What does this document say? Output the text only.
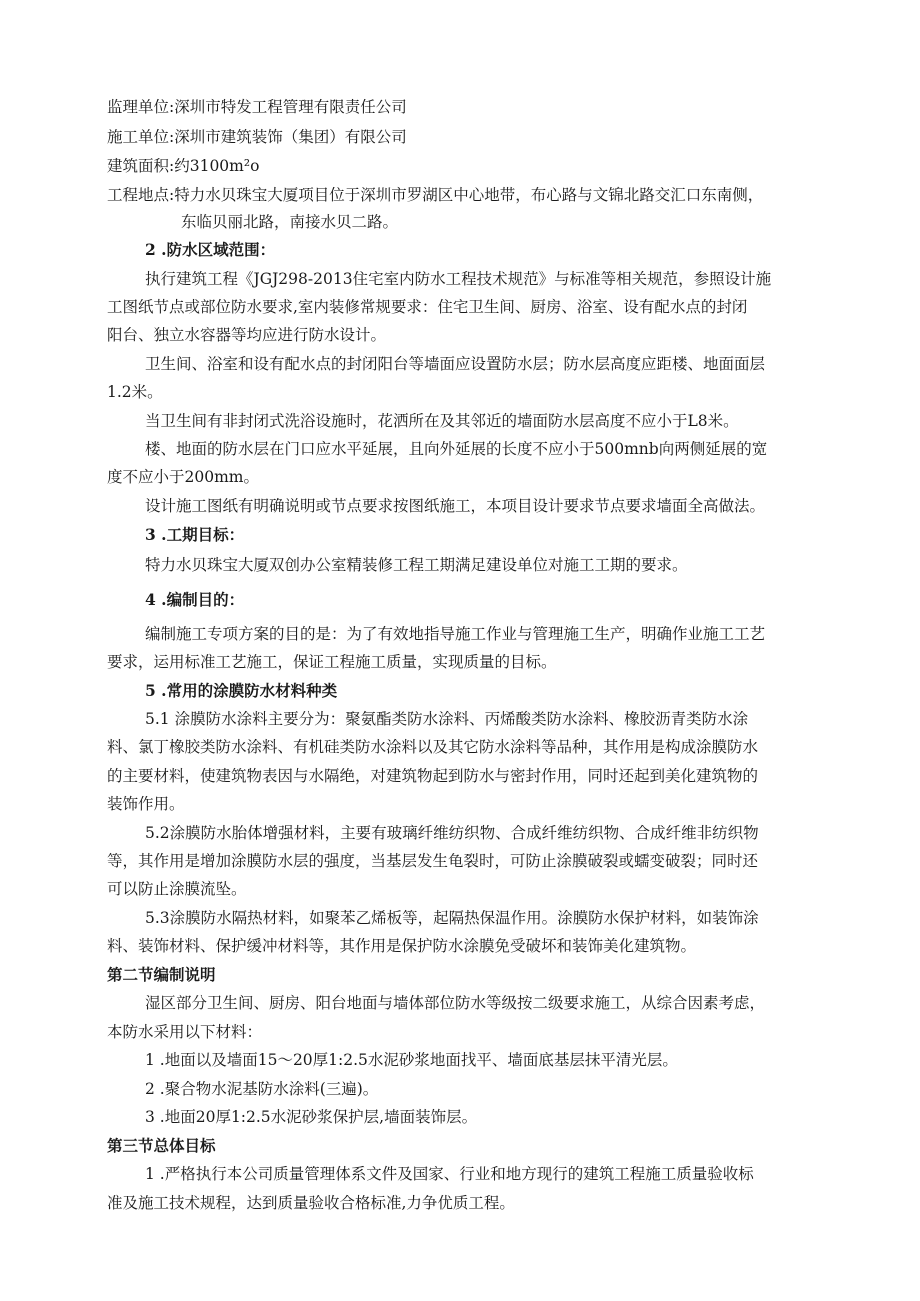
监理单位:深圳市特发工程管理有限责任公司

施工单位:深圳市建筑装饰（集团）有限公司

建筑面积:约3100m²o

工程地点:特力水贝珠宝大厦项目位于深圳市罗湖区中心地带，布心路与文锦北路交汇口东南侧，

东临贝丽北路，南接水贝二路。

2 .防水区域范围：

执行建筑工程《JGJ298-2013住宅室内防水工程技术规范》与标准等相关规范，参照设计施

工图纸节点或部位防水要求,室内装修常规要求：住宅卫生间、厨房、浴室、设有配水点的封闭

阳台、独立水容器等均应进行防水设计。

卫生间、浴室和设有配水点的封闭阳台等墙面应设置防水层；防水层高度应距楼、地面面层

1.2米。

当卫生间有非封闭式洗浴设施时，花洒所在及其邻近的墙面防水层高度不应小于L8米。

楼、地面的防水层在门口应水平延展，且向外延展的长度不应小于500mnb向两侧延展的宽

度不应小于200mm。

设计施工图纸有明确说明或节点要求按图纸施工，本项目设计要求节点要求墙面全高做法。

3 .工期目标：

特力水贝珠宝大厦双创办公室精装修工程工期满足建设单位对施工工期的要求。

4 .编制目的：

编制施工专项方案的目的是：为了有效地指导施工作业与管理施工生产，明确作业施工工艺

要求，运用标准工艺施工，保证工程施工质量，实现质量的目标。

5 .常用的涂膜防水材料种类

5.1 涂膜防水涂料主要分为：聚氨酯类防水涂料、丙烯酸类防水涂料、橡胶沥青类防水涂

料、氯丁橡胶类防水涂料、有机硅类防水涂料以及其它防水涂料等品种，其作用是构成涂膜防水

的主要材料，使建筑物表因与水隔绝，对建筑物起到防水与密封作用，同时还起到美化建筑物的

装饰作用。

5.2涂膜防水胎体增强材料，主要有玻璃纤维纺织物、合成纤维纺织物、合成纤维非纺织物

等，其作用是增加涂膜防水层的强度，当基层发生龟裂时，可防止涂膜破裂或蠕变破裂；同时还

可以防止涂膜流坠。

5.3涂膜防水隔热材料，如聚苯乙烯板等，起隔热保温作用。涂膜防水保护材料，如装饰涂

料、装饰材料、保护缓冲材料等，其作用是保护防水涂膜免受破坏和装饰美化建筑物。

第二节编制说明

湿区部分卫生间、厨房、阳台地面与墙体部位防水等级按二级要求施工，从综合因素考虑，

本防水采用以下材料：

1 .地面以及墙面15〜20厚1:2.5水泥砂浆地面找平、墙面底基层抹平清光层。

2 .聚合物水泥基防水涂料(三遍)。

3 .地面20厚1:2.5水泥砂浆保护层,墙面装饰层。

第三节总体目标

1 .严格执行本公司质量管理体系文件及国家、行业和地方现行的建筑工程施工质量验收标

准及施工技术规程，达到质量验收合格标准,力争优质工程。
